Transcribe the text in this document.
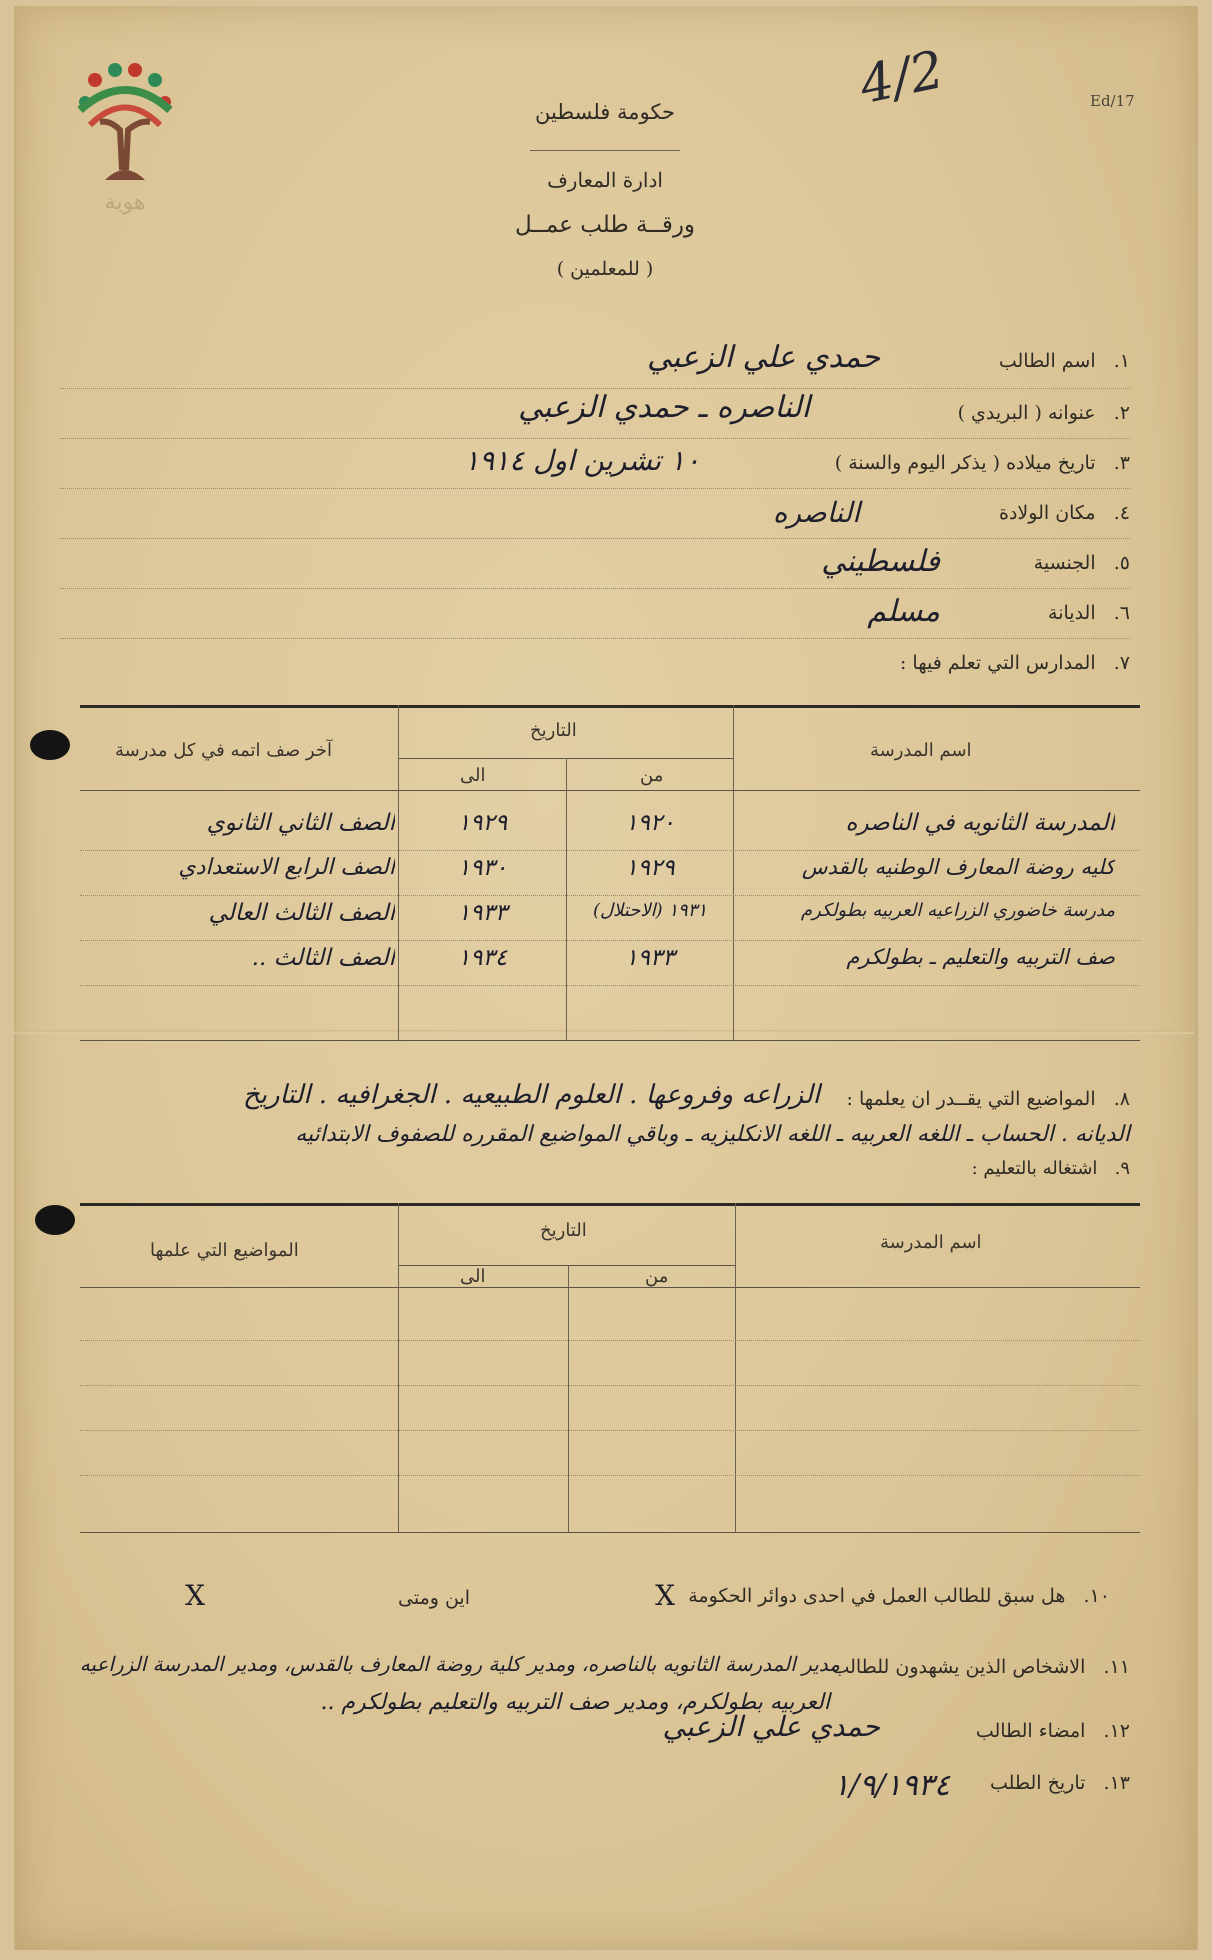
هوية
Ed/17
4/2
حكومة فلسطين
ادارة المعارف
ورقــة طلب عمــل
( للمعلمين )
١.   اسم الطالب
حمدي علي الزعبي
٢.   عنوانه ( البريدي )
الناصره ـ حمدي الزعبي
٣.   تاريخ ميلاده ( يذكر اليوم والسنة )
١٠ تشرين اول ١٩١٤
٤.   مكان الولادة
الناصره
٥.   الجنسية
فلسطيني
٦.   الديانة
مسلم
٧.   المدارس التي تعلم فيها :
اسم المدرسة
التاريخ
من
الى
آخر صف اتمه في كل مدرسة
المدرسة الثانويه في الناصره
١٩٢٠
١٩٢٩
الصف الثاني الثانوي
كليه روضة المعارف الوطنيه بالقدس
١٩٢٩
١٩٣٠
الصف الرابع الاستعدادي
مدرسة خاضوري الزراعيه العربيه بطولكرم
١٩٣١ (الاحتلال)
١٩٣٣
الصف الثالث العالي
صف التربيه والتعليم ـ بطولكرم
١٩٣٣
١٩٣٤
الصف الثالث ..
٨.   المواضيع التي يقــدر ان يعلمها :
الزراعه وفروعها . العلوم الطبيعيه . الجغرافيه . التاريخ
الديانه . الحساب ـ اللغه العربيه ـ اللغه الانكليزيه ـ وباقي المواضيع المقرره للصفوف الابتدائيه
٩.   اشتغاله بالتعليم :
اسم المدرسة
التاريخ
من
الى
المواضيع التي علمها
١٠.   هل سبق للطالب العمل في احدى دوائر الحكومة
X
اين ومتى
X
١١.   الاشخاص الذين يشهدون للطالب
مدير المدرسة الثانويه بالناصره، ومدير كلية روضة المعارف بالقدس، ومدير المدرسة الزراعيه
العربيه بطولكرم، ومدير صف التربيه والتعليم بطولكرم ..
١٢.   امضاء الطالب
حمدي علي الزعبي
١٣.   تاريخ الطلب
١/٩/١٩٣٤
